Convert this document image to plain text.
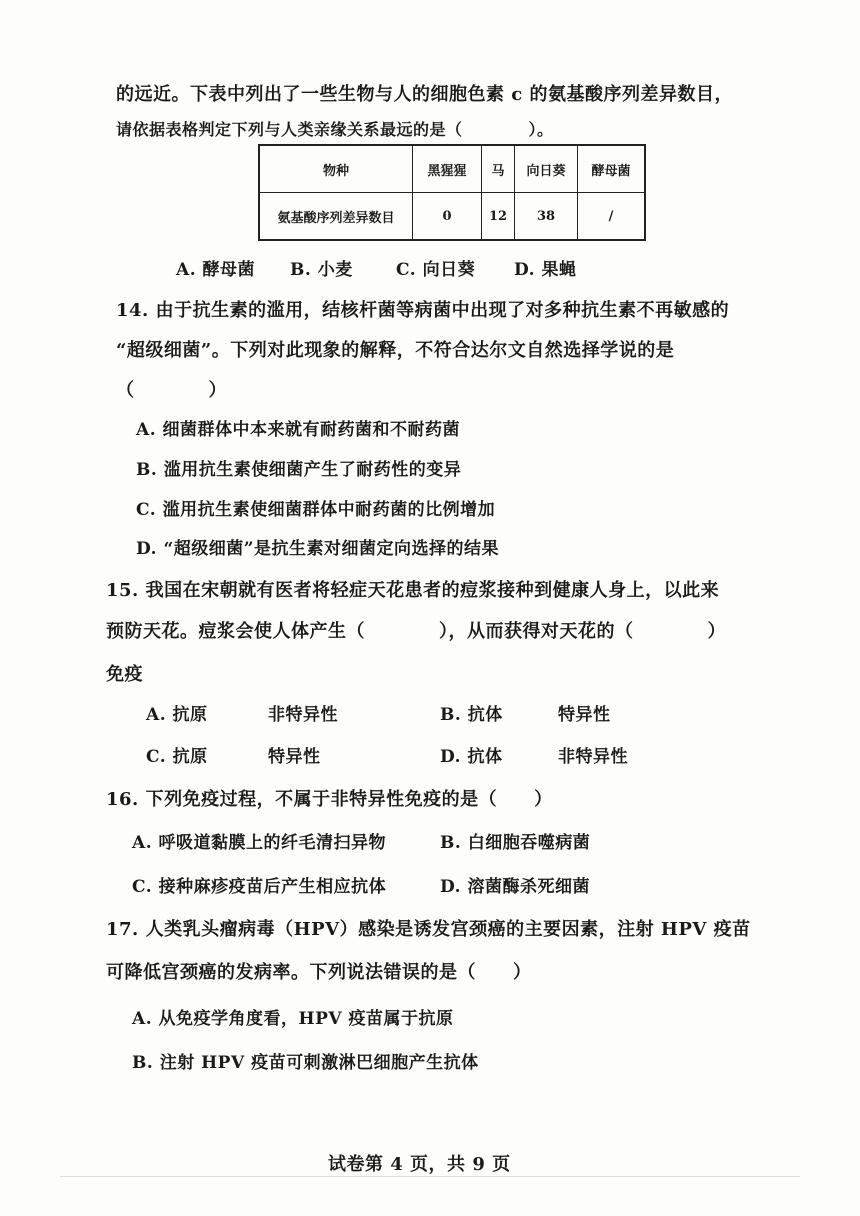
的远近。下表中列出了一些生物与人的细胞色素 c 的氨基酸序列差异数目，
请依据表格判定下列与人类亲缘关系最远的是（　　　　）。
物种	黑猩猩	马	向日葵	酵母菌
氨基酸序列差异数目	0	12	38	/
A. 酵母菌 B. 小麦	C. 向日葵 D. 果蝇
14. 由于抗生素的滥用，结核杆菌等病菌中出现了对多种抗生素不再敏感的
“超级细菌”。下列对此现象的解释，不符合达尔文自然选择学说的是
（　　　　）
A. 细菌群体中本来就有耐药菌和不耐药菌
B. 滥用抗生素使细菌产生了耐药性的变异
C. 滥用抗生素使细菌群体中耐药菌的比例增加
D. “超级细菌”是抗生素对细菌定向选择的结果
15. 我国在宋朝就有医者将轻症天花患者的痘浆接种到健康人身上，以此来
预防天花。痘浆会使人体产生（　　　　），从而获得对天花的（　　　　）
免疫
A. 抗原	非特异性	B. 抗体	特异性
C. 抗原	特异性	D. 抗体	非特异性
16. 下列免疫过程，不属于非特异性免疫的是（　　）
A. 呼吸道黏膜上的纤毛清扫异物	B. 白细胞吞噬病菌
C. 接种麻疹疫苗后产生相应抗体	D. 溶菌酶杀死细菌
17. 人类乳头瘤病毒（HPV）感染是诱发宫颈癌的主要因素，注射 HPV 疫苗
可降低宫颈癌的发病率。下列说法错误的是（　　）
A. 从免疫学角度看，HPV 疫苗属于抗原
B. 注射 HPV 疫苗可刺激淋巴细胞产生抗体
试卷第 4 页，共 9 页
